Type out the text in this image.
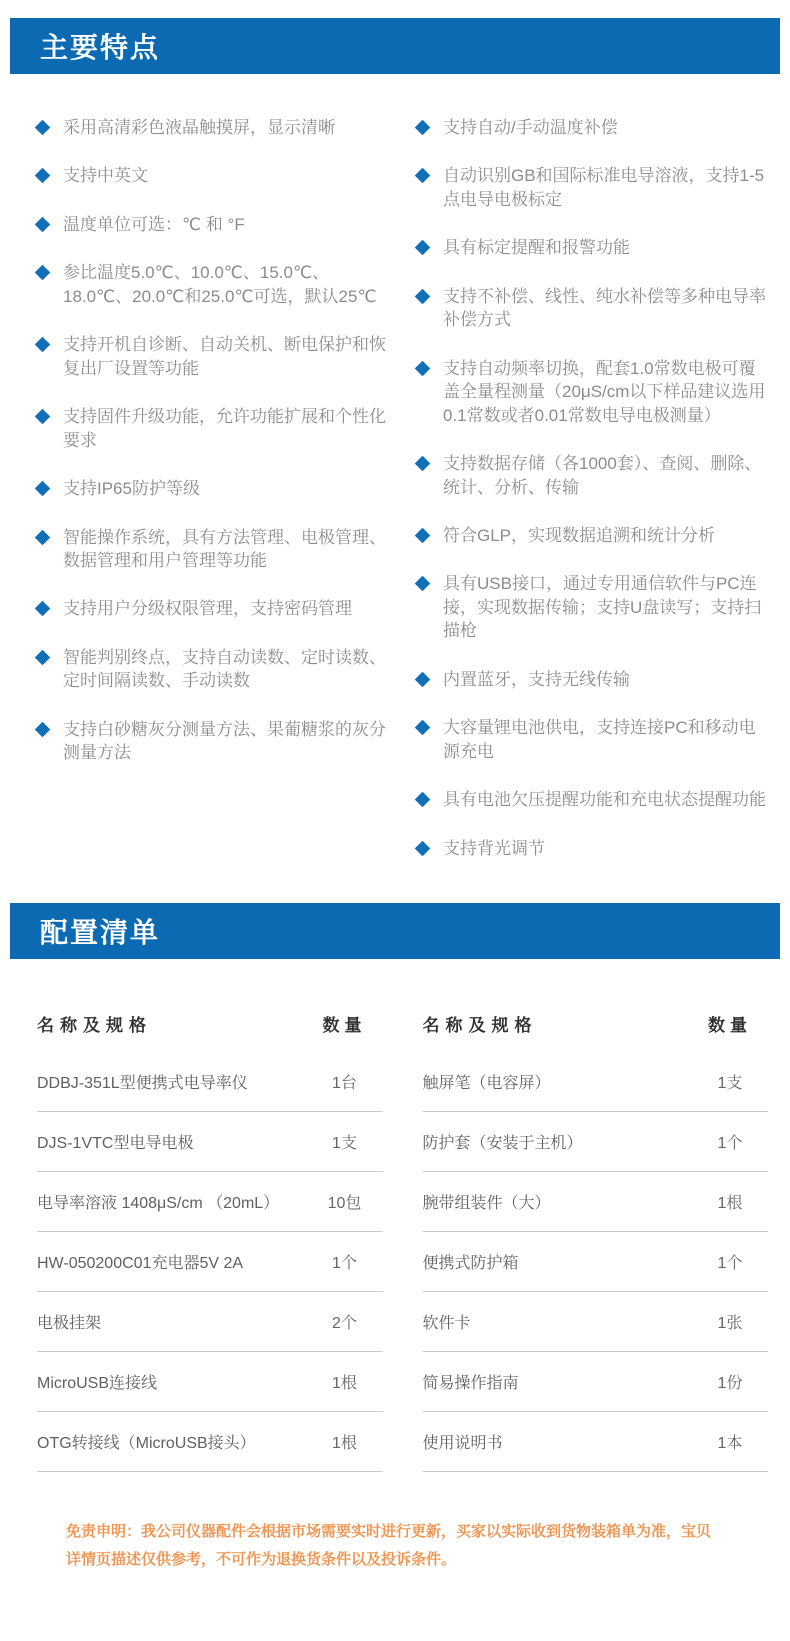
主要特点
采用高清彩色液晶触摸屏，显示清晰
支持中英文
温度单位可选：℃ 和 °F
参比温度5.0℃、10.0℃、15.0℃、18.0℃、20.0℃和25.0℃可选，默认25℃
支持开机自诊断、自动关机、断电保护和恢复出厂设置等功能
支持固件升级功能，允许功能扩展和个性化要求
支持IP65防护等级
智能操作系统，具有方法管理、电极管理、数据管理和用户管理等功能
支持用户分级权限管理，支持密码管理
智能判别终点，支持自动读数、定时读数、定时间隔读数、手动读数
支持白砂糖灰分测量方法、果葡糖浆的灰分测量方法
支持自动/手动温度补偿
自动识别GB和国际标准电导溶液，支持1-5点电导电极标定
具有标定提醒和报警功能
支持不补偿、线性、纯水补偿等多种电导率补偿方式
支持自动频率切换，配套1.0常数电极可覆盖全量程测量（20μS/cm以下样品建议选用0.1常数或者0.01常数电导电极测量）
支持数据存储（各1000套）、查阅、删除、统计、分析、传输
符合GLP，实现数据追溯和统计分析
具有USB接口，通过专用通信软件与PC连接，实现数据传输；支持U盘读写；支持扫描枪
内置蓝牙，支持无线传输
大容量锂电池供电，支持连接PC和移动电源充电
具有电池欠压提醒功能和充电状态提醒功能
支持背光调节
配置清单
名称及规格	数量
DDBJ-351L型便携式电导率仪	1台
DJS-1VTC型电导电极	1支
电导率溶液 1408μS/cm （20mL）	10包
HW-050200C01充电器5V 2A	1个
电极挂架	2个
MicroUSB连接线	1根
OTG转接线（MicroUSB接头）	1根
名称及规格	数量
触屏笔（电容屏）	1支
防护套（安装于主机）	1个
腕带组装件（大）	1根
便携式防护箱	1个
软件卡	1张
简易操作指南	1份
使用说明书	1本

免责申明：我公司仪器配件会根据市场需要实时进行更新，买家以实际收到货物装箱单为准，宝贝详情页描述仅供参考，不可作为退换货条件以及投诉条件。
